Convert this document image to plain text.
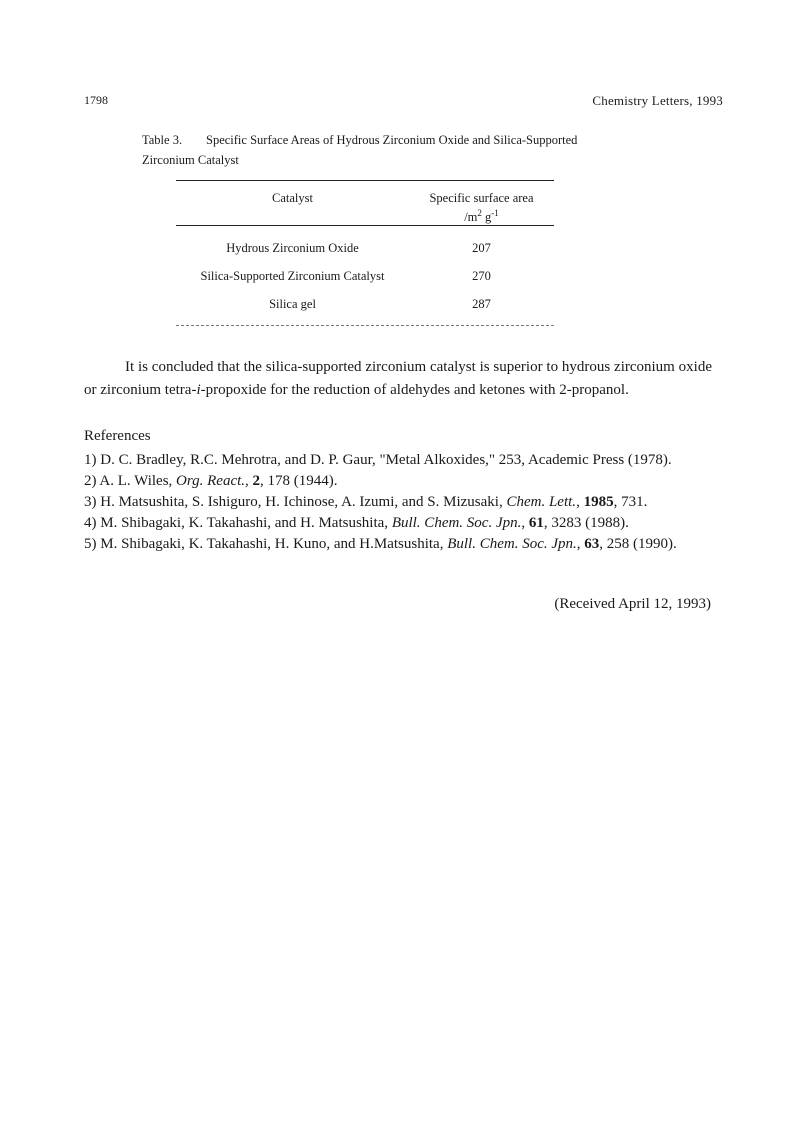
1798	Chemistry Letters, 1993
Table 3. Specific Surface Areas of Hydrous Zirconium Oxide and Silica-Supported Zirconium Catalyst
Catalyst	Specific surface area
$/m^2$ $g^{-1}$
Hydrous Zirconium Oxide	207
Silica-Supported Zirconium Catalyst	270
Silica gel	287
It is concluded that the silica-supported zirconium catalyst is superior to hydrous zirconium oxide or zirconium tetra-i-propoxide for the reduction of aldehydes and ketones with 2-propanol.
References
1) D. C. Bradley, R.C. Mehrotra, and D. P. Gaur, "Metal Alkoxides," 253, Academic Press (1978).
2) A. L. Wiles, Org. React., 2, 178 (1944).
3) H. Matsushita, S. Ishiguro, H. Ichinose, A. Izumi, and S. Mizusaki, Chem. Lett., 1985, 731.
4) M. Shibagaki, K. Takahashi, and H. Matsushita, Bull. Chem. Soc. Jpn., 61, 3283 (1988).
5) M. Shibagaki, K. Takahashi, H. Kuno, and H.Matsushita, Bull. Chem. Soc. Jpn., 63, 258 (1990).
(Received April 12, 1993)
